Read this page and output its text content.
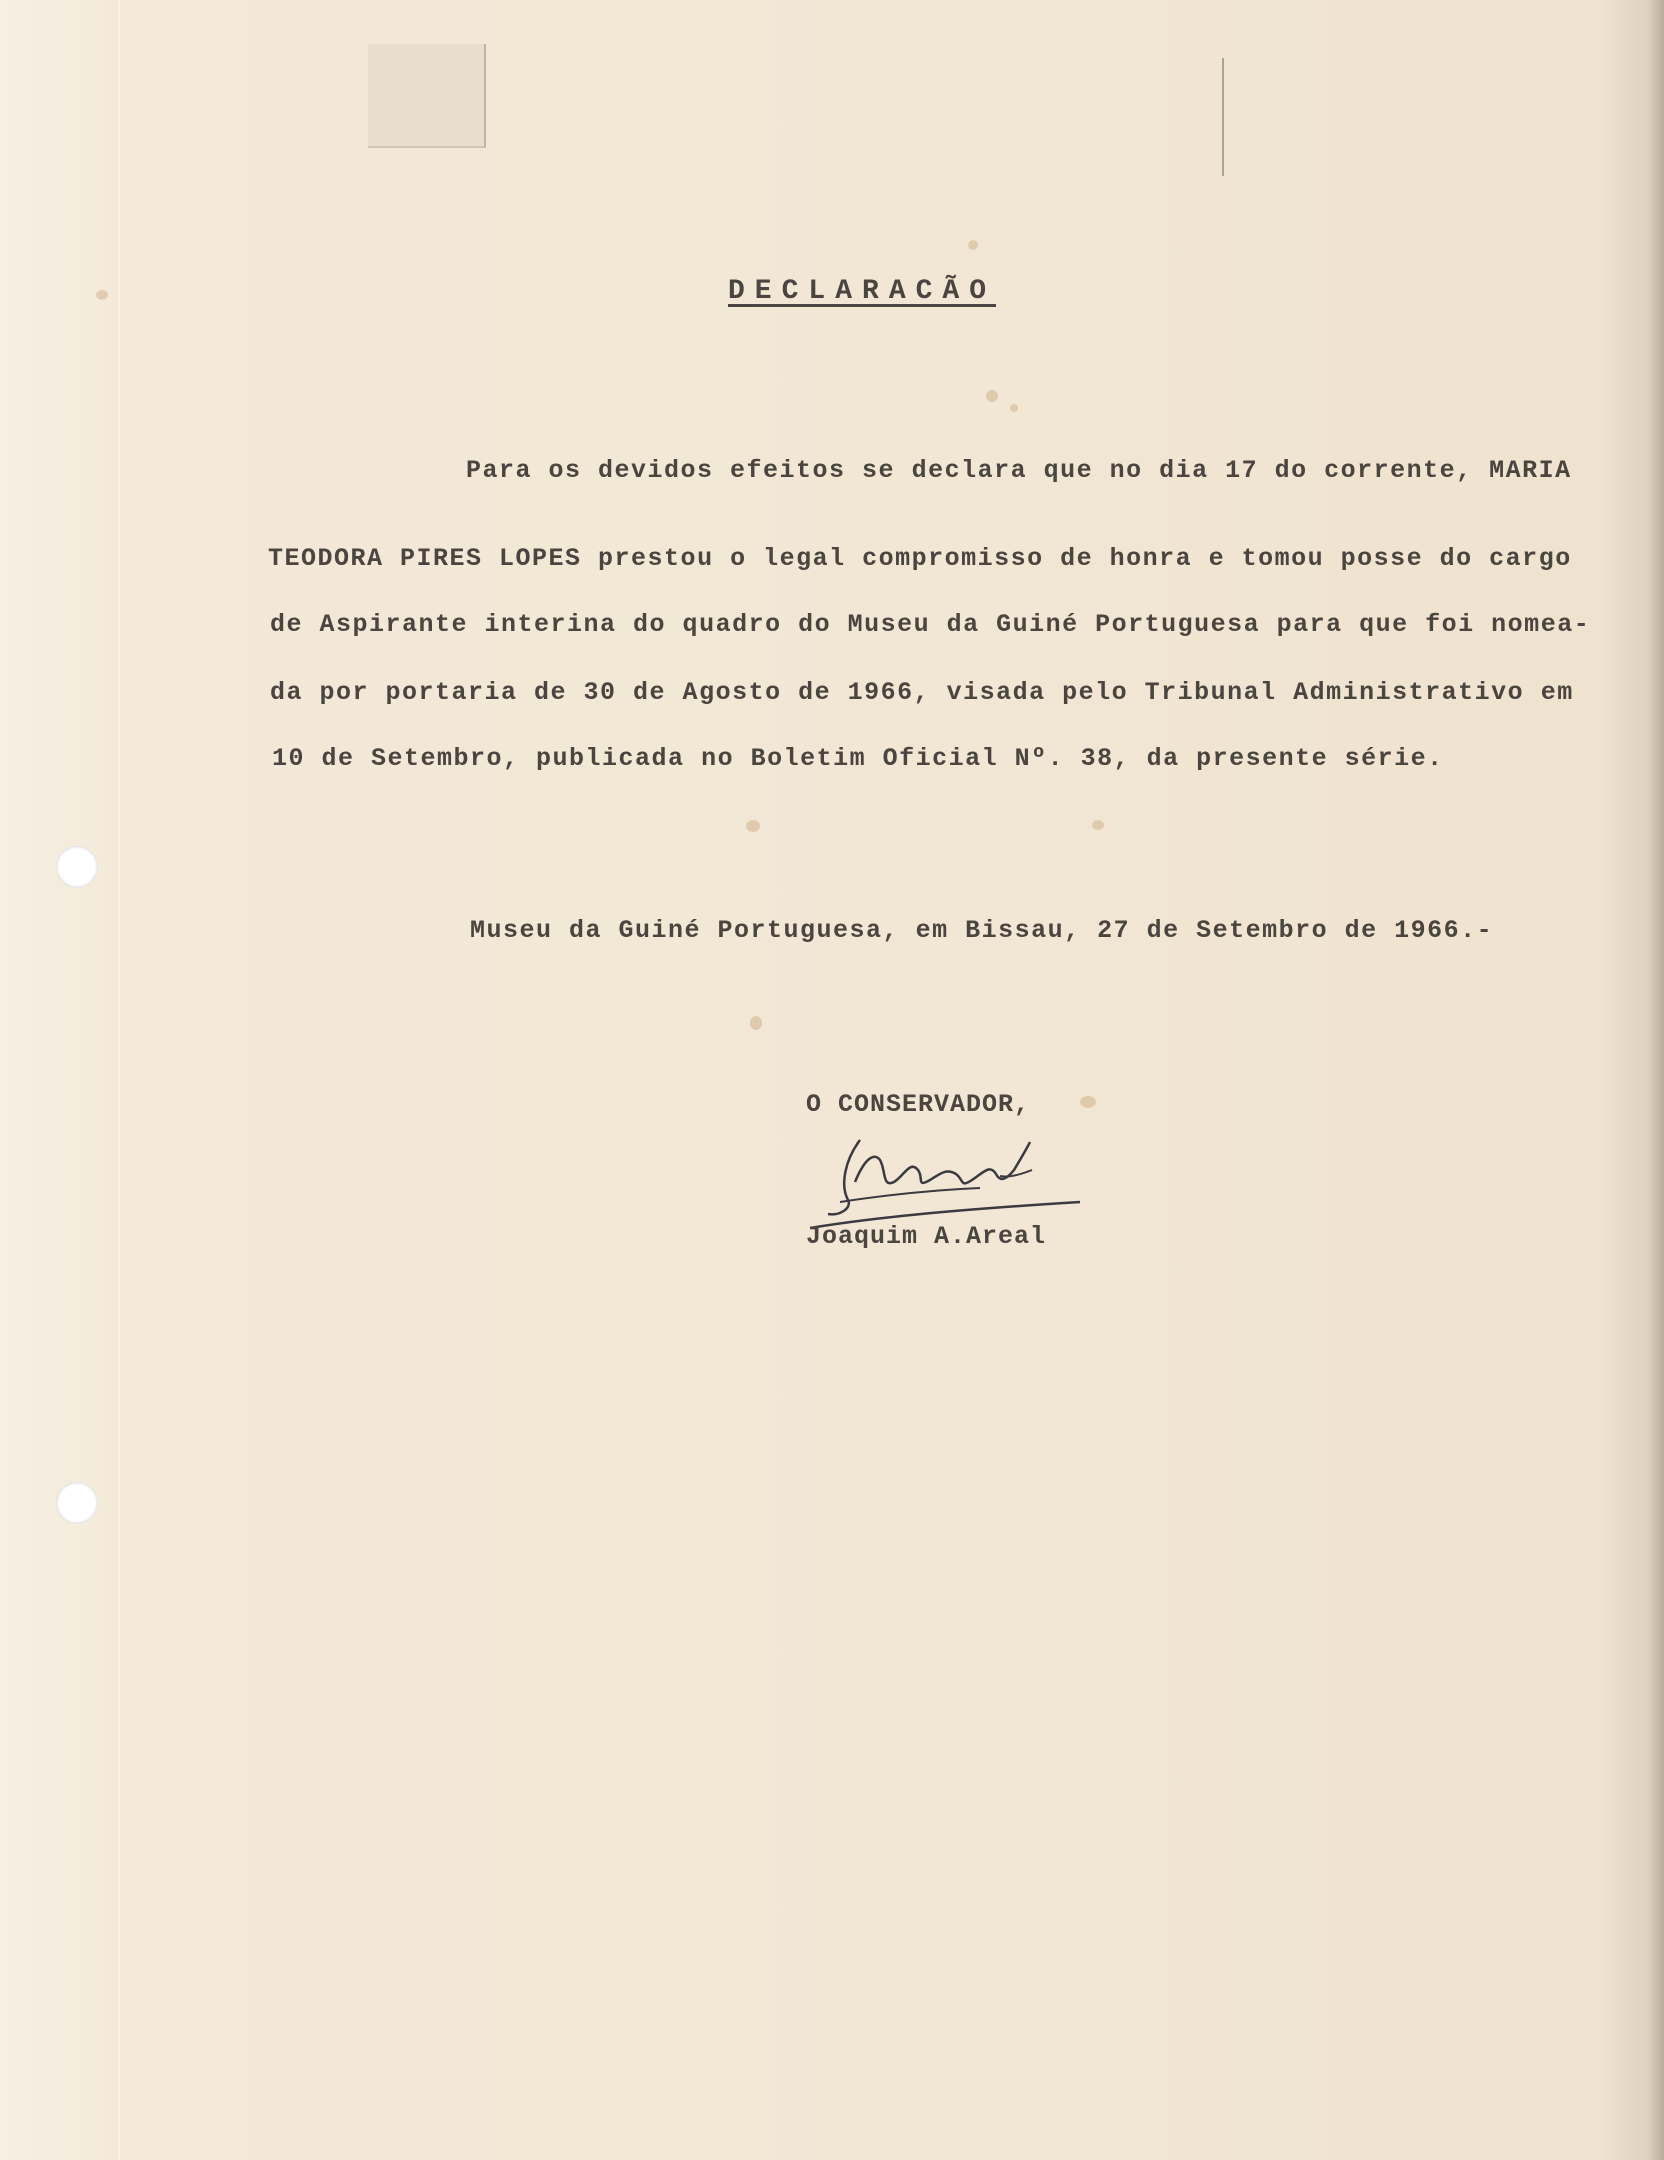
DECLARACÃO
Para os devidos efeitos se declara que no dia 17 do corrente, MARIA
TEODORA PIRES LOPES prestou o legal compromisso de honra e tomou posse do cargo
de Aspirante interina do quadro do Museu da Guiné Portuguesa para que foi nomea-
da por portaria de 30 de Agosto de 1966, visada pelo Tribunal Administrativo em
10 de Setembro, publicada no Boletim Oficial Nº. 38, da presente série.
Museu da Guiné Portuguesa, em Bissau, 27 de Setembro de 1966.-
O CONSERVADOR,
Joaquim A.Areal
